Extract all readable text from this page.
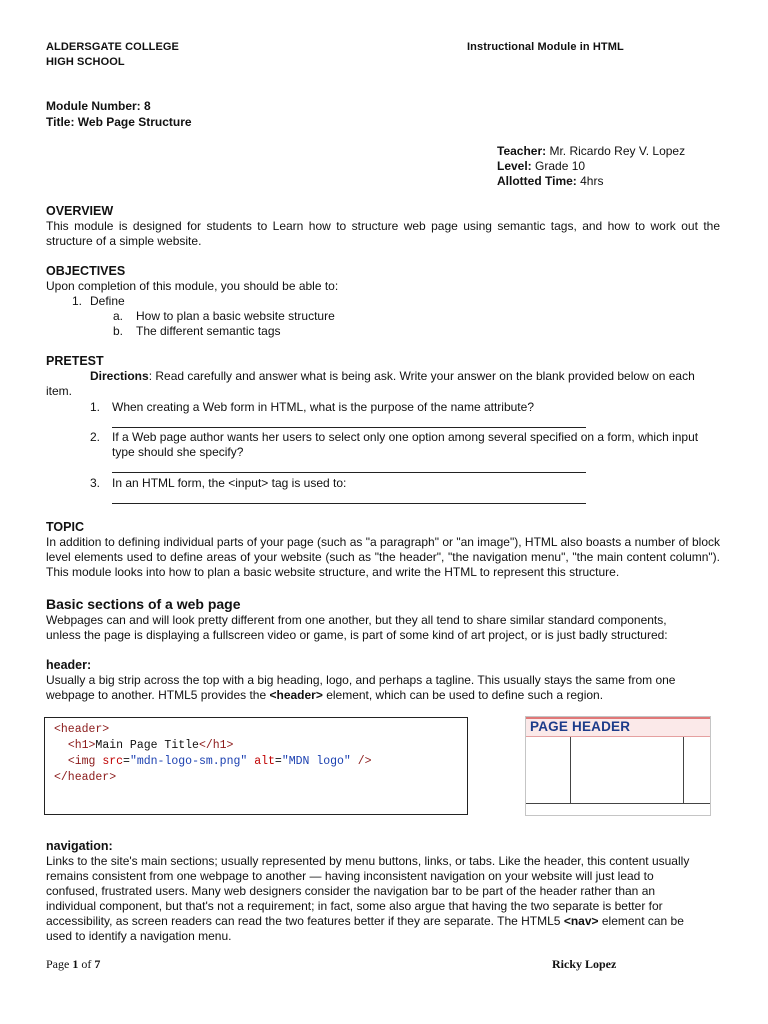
ALDERSGATE COLLEGE
HIGH SCHOOL
Instructional Module in HTML
Module Number: 8
Title: Web Page Structure
Teacher: Mr. Ricardo Rey V. Lopez
Level: Grade 10
Allotted Time: 4hrs
OVERVIEW
This module is designed for students to Learn how to structure web page using semantic tags, and how to work out the structure of a simple website.
OBJECTIVES
Upon completion of this module, you should be able to:
1. Define
a. How to plan a basic website structure
b. The different semantic tags
PRETEST
Directions: Read carefully and answer what is being ask. Write your answer on the blank provided below on each
item.
1. When creating a Web form in HTML, what is the purpose of the name attribute?
2. If a Web page author wants her users to select only one option among several specified on a form, which input
type should she specify?
3. In an HTML form, the <input> tag is used to:
TOPIC
In addition to defining individual parts of your page (such as "a paragraph" or "an image"), HTML also boasts a number of block level elements used to define areas of your website (such as "the header", "the navigation menu", "the main content column"). This module looks into how to plan a basic website structure, and write the HTML to represent this structure.
Basic sections of a web page
Webpages can and will look pretty different from one another, but they all tend to share similar standard components,
unless the page is displaying a fullscreen video or game, is part of some kind of art project, or is just badly structured:
header:
Usually a big strip across the top with a big heading, logo, and perhaps a tagline. This usually stays the same from one
webpage to another. HTML5 provides the <header> element, which can be used to define such a region.
<header>
<h1>Main Page Title</h1>
<img src="mdn-logo-sm.png" alt="MDN logo" />
</header>
PAGE HEADER
navigation:
Links to the site's main sections; usually represented by menu buttons, links, or tabs. Like the header, this content usually
remains consistent from one webpage to another — having inconsistent navigation on your website will just lead to
confused, frustrated users. Many web designers consider the navigation bar to be part of the header rather than an
individual component, but that's not a requirement; in fact, some also argue that having the two separate is better for
accessibility, as screen readers can read the two features better if they are separate. The HTML5 <nav> element can be
used to identify a navigation menu.
Page 1 of 7	Ricky Lopez
